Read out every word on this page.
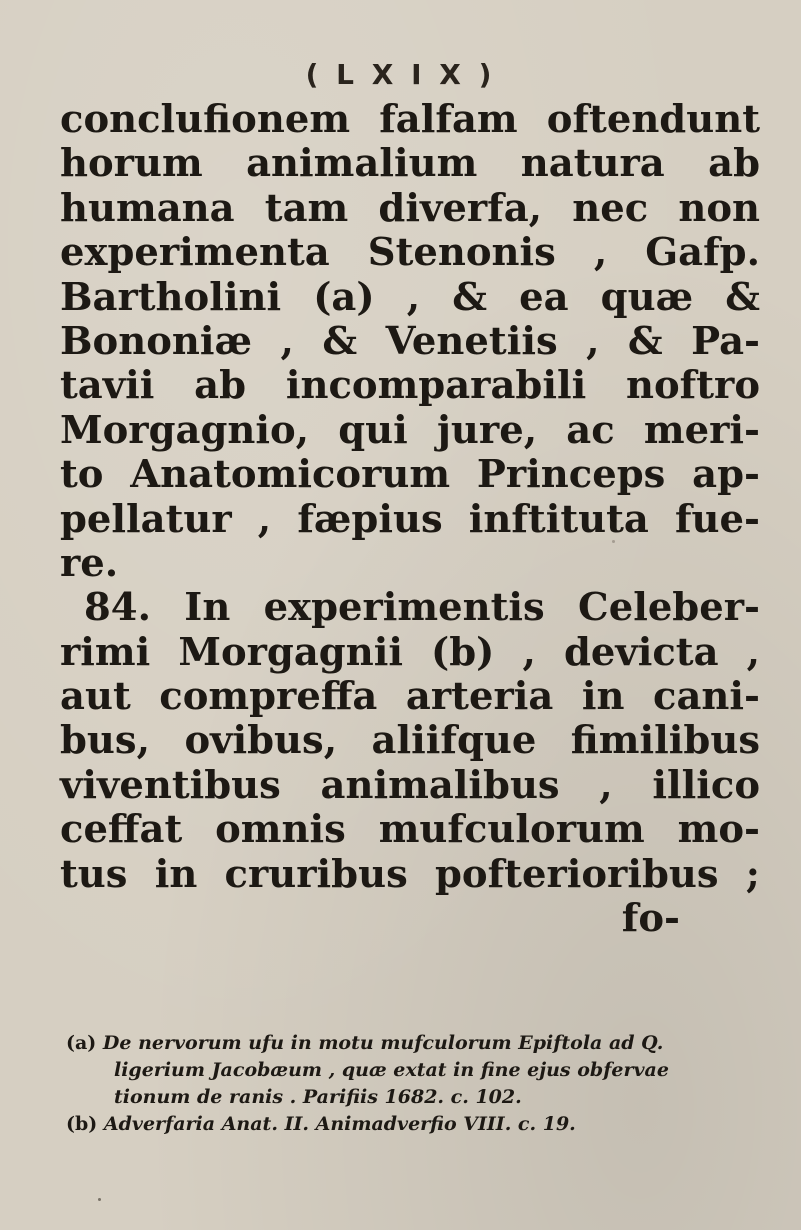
( L X I X )
conclufionem falfam oftendunt
horum animalium natura ab
humana tam diverfa, nec non
experimenta Stenonis , Gafp.
Bartholini (a) , & ea quæ &
Bononiæ , & Venetiis , & Pa-
tavii ab incomparabili noftro
Morgagnio, qui jure, ac meri-
to Anatomicorum Princeps ap-
pellatur , fæpius inftituta fue-
re.
84. In experimentis Celeber-
rimi Morgagnii (b) , devicta ,
aut compreffa arteria in cani-
bus, ovibus, aliifque fimilibus
viventibus animalibus , illico
ceffat omnis mufculorum mo-
tus in cruribus pofterioribus ;
fo-
(a) De nervorum ufu in motu mufculorum Epiftola ad Q.
ligerium Jacobæum , quæ extat in fine ejus obfervae
tionum de ranis . Parifiis 1682. c. 102.
(b) Adverfaria Anat. II. Animadverfio VIII. c. 19.
